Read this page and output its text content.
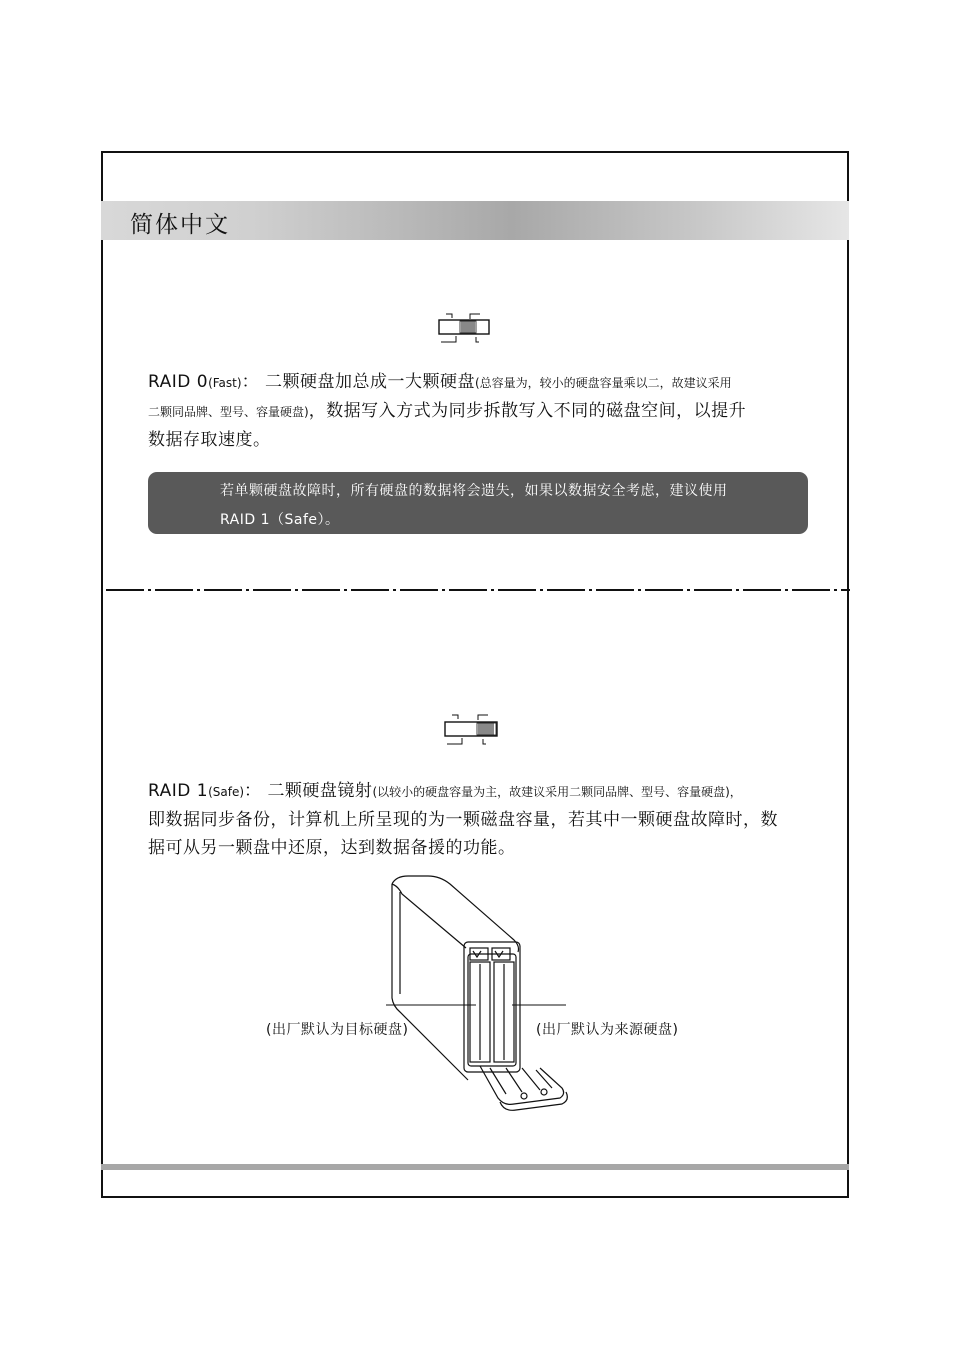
简体中文
RAID 0(Fast)： 二颗硬盘加总成一大颗硬盘(总容量为，较小的硬盘容量乘以二，故建议采用
二颗同品牌、型号、容量硬盘)，数据写入方式为同步拆散写入不同的磁盘空间，以提升
数据存取速度。
若单颗硬盘故障时，所有硬盘的数据将会遗失，如果以数据安全考虑，建议使用
RAID 1（Safe）。
RAID 1(Safe)： 二颗硬盘镜射(以较小的硬盘容量为主，故建议采用二颗同品牌、型号、容量硬盘)，
即数据同步备份，计算机上所呈现的为一颗磁盘容量，若其中一颗硬盘故障时，数
据可从另一颗盘中还原，达到数据备援的功能。
(出厂默认为目标硬盘)	(出厂默认为来源硬盘)
